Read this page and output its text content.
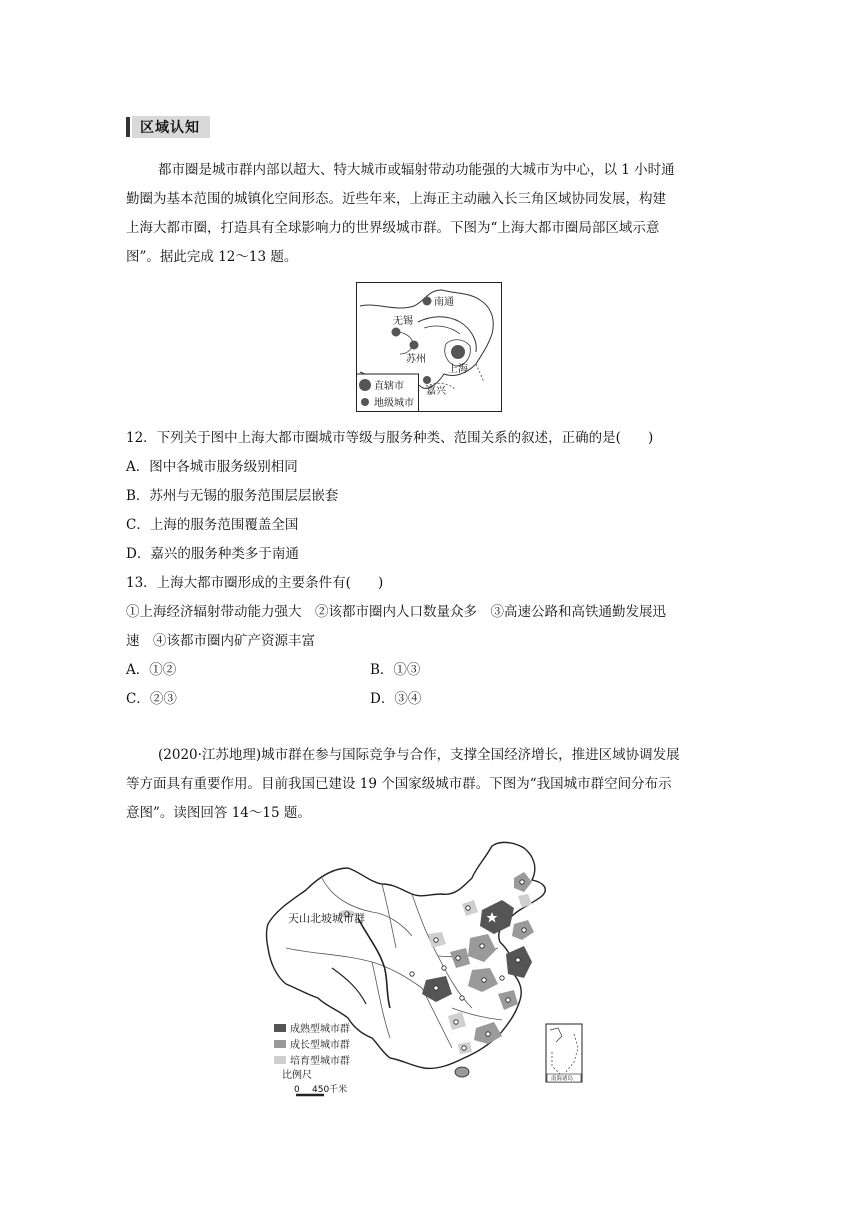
区域认知
都市圈是城市群内部以超大、特大城市或辐射带动功能强的大城市为中心，以 1 小时通
勤圈为基本范围的城镇化空间形态。近些年来，上海正主动融入长三角区域协同发展，构建
上海大都市圈，打造具有全球影响力的世界级城市群。下图为“上海大都市圈局部区域示意
图”。据此完成 12～13 题。
南通
无锡
苏州
上海
嘉兴
直辖市
地级城市
12．下列关于图中上海大都市圈城市等级与服务种类、范围关系的叙述，正确的是(　　)
A．图中各城市服务级别相同
B．苏州与无锡的服务范围层层嵌套
C．上海的服务范围覆盖全国
D．嘉兴的服务种类多于南通
13．上海大都市圈形成的主要条件有(　　)
①上海经济辐射带动能力强大　②该都市圈内人口数量众多　③高速公路和高铁通勤发展迅
速　④该都市圈内矿产资源丰富
A．①②	B．①③
C．②③	D．③④
(2020·江苏地理)城市群在参与国际竞争与合作，支撑全国经济增长，推进区域协调发展
等方面具有重要作用。目前我国已建设 19 个国家级城市群。下图为“我国城市群空间分布示
意图”。读图回答 14～15 题。
天山北坡城市群
南海诸岛
成熟型城市群
成长型城市群
培育型城市群
比例尺
0 450千米
